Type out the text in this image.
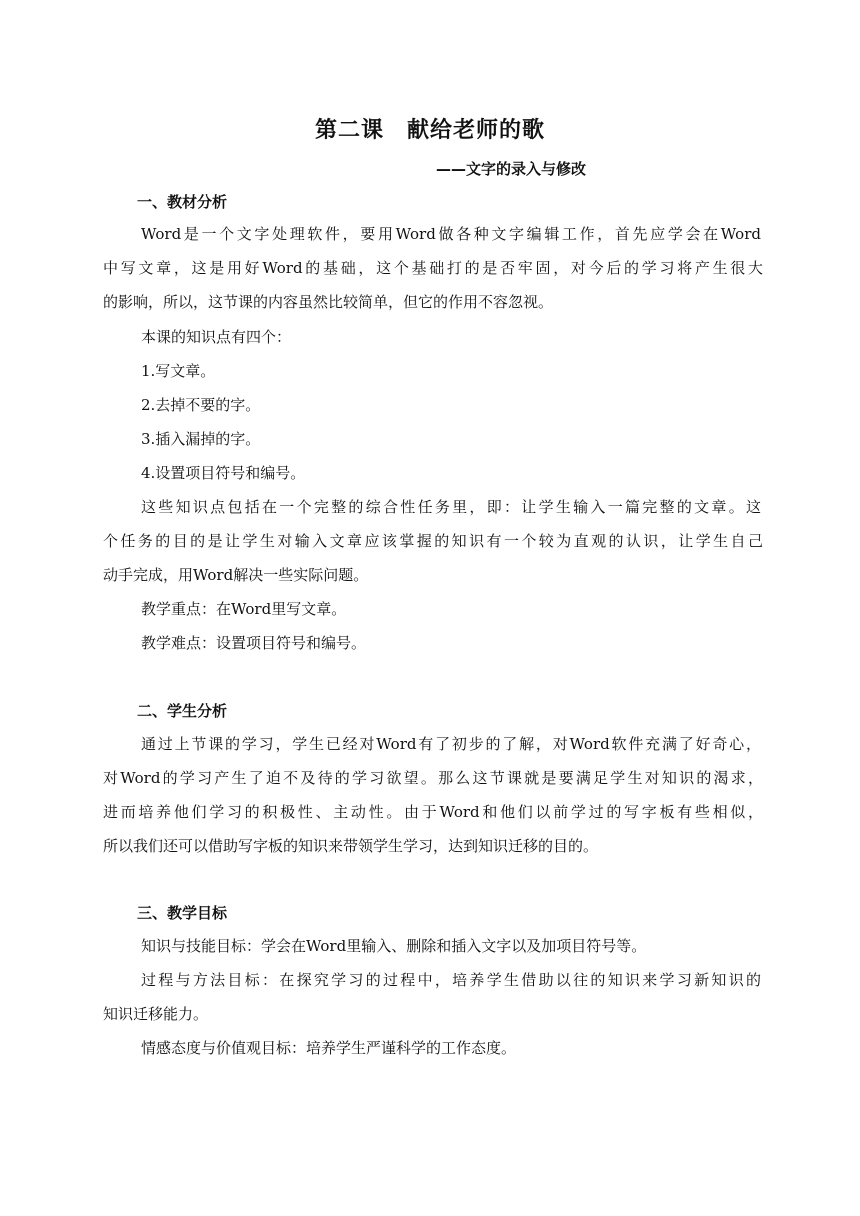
第二课　献给老师的歌
——文字的录入与修改
一、教材分析
Word是一个文字处理软件，要用Word做各种文字编辑工作，首先应学会在Word
中写文章，这是用好Word的基础，这个基础打的是否牢固，对今后的学习将产生很大
的影响，所以，这节课的内容虽然比较简单，但它的作用不容忽视。
本课的知识点有四个：
1.写文章。
2.去掉不要的字。
3.插入漏掉的字。
4.设置项目符号和编号。
这些知识点包括在一个完整的综合性任务里，即：让学生输入一篇完整的文章。这
个任务的目的是让学生对输入文章应该掌握的知识有一个较为直观的认识，让学生自己
动手完成，用Word解决一些实际问题。
教学重点：在Word里写文章。
教学难点：设置项目符号和编号。
二、学生分析
通过上节课的学习，学生已经对Word有了初步的了解，对Word软件充满了好奇心，
对Word的学习产生了迫不及待的学习欲望。那么这节课就是要满足学生对知识的渴求，
进而培养他们学习的积极性、主动性。由于Word和他们以前学过的写字板有些相似，
所以我们还可以借助写字板的知识来带领学生学习，达到知识迁移的目的。
三、教学目标
知识与技能目标：学会在Word里输入、删除和插入文字以及加项目符号等。
过程与方法目标：在探究学习的过程中，培养学生借助以往的知识来学习新知识的
知识迁移能力。
情感态度与价值观目标：培养学生严谨科学的工作态度。
